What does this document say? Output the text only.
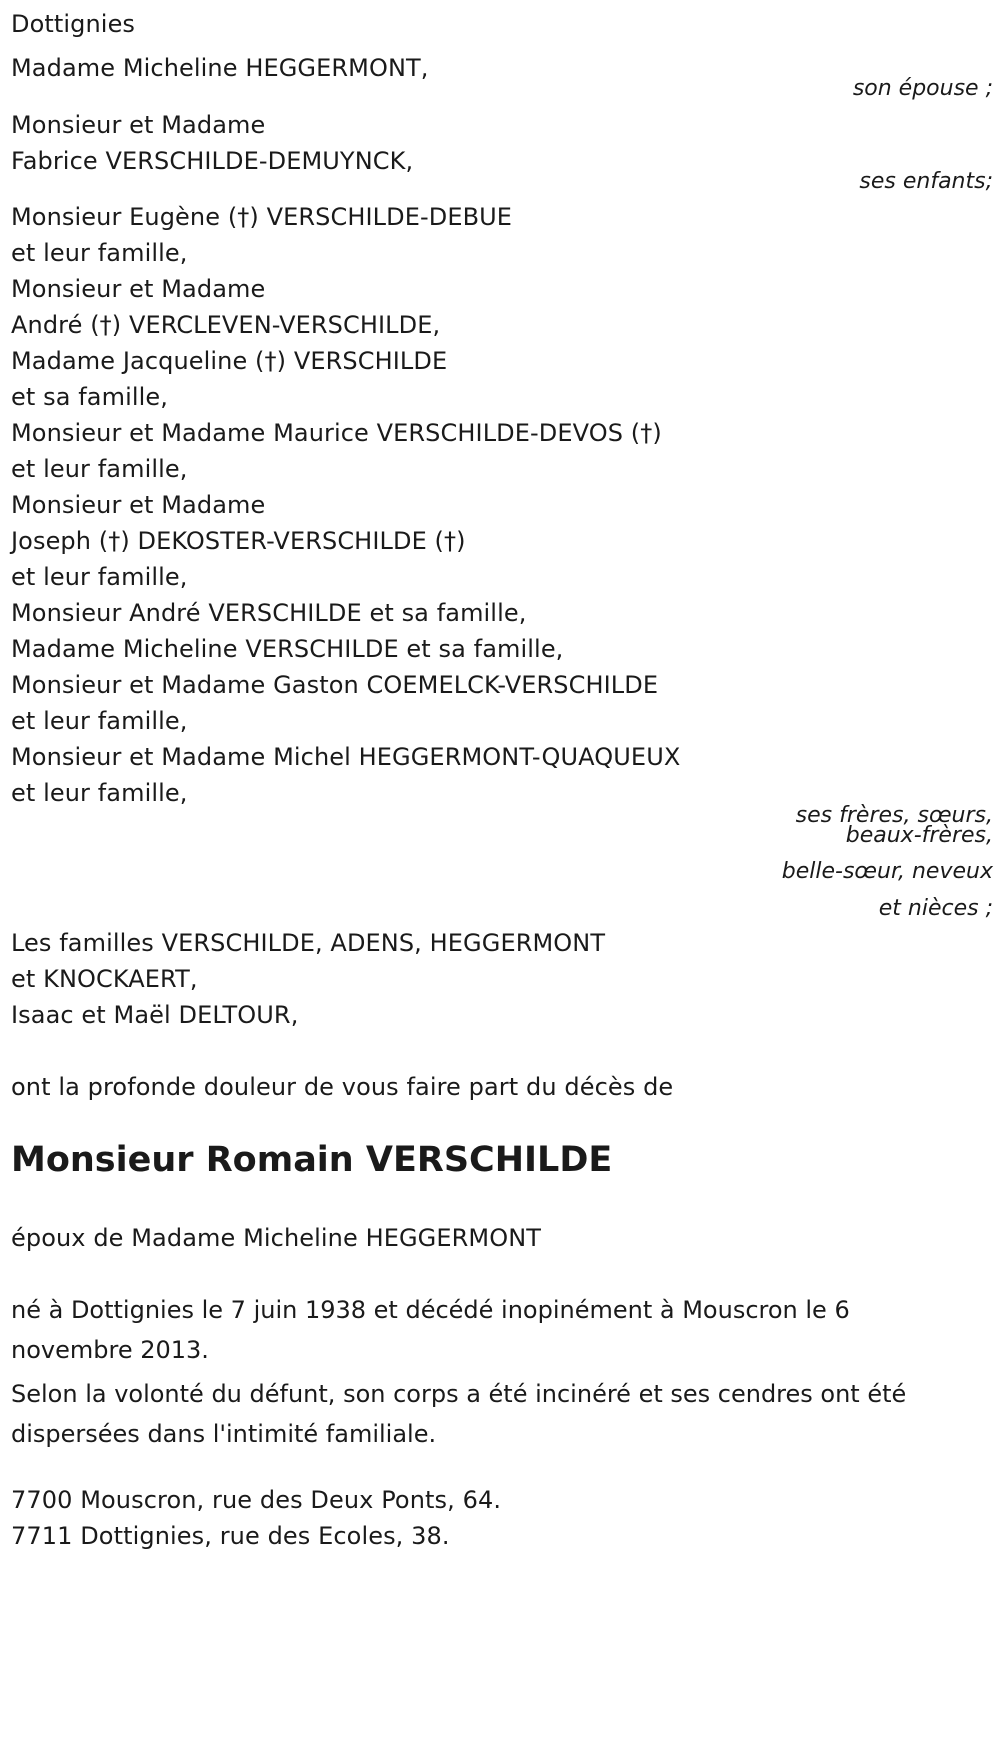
Dottignies
Madame Micheline HEGGERMONT,
son épouse ;
Monsieur et Madame
Fabrice VERSCHILDE-DEMUYNCK,
ses enfants;
Monsieur Eugène (†) VERSCHILDE-DEBUE
et leur famille,
Monsieur et Madame
André (†) VERCLEVEN-VERSCHILDE,
Madame Jacqueline (†) VERSCHILDE
et sa famille,
Monsieur et Madame Maurice VERSCHILDE-DEVOS (†)
et leur famille,
Monsieur et Madame
Joseph (†) DEKOSTER-VERSCHILDE (†)
et leur famille,
Monsieur André VERSCHILDE et sa famille,
Madame Micheline VERSCHILDE et sa famille,
Monsieur et Madame Gaston COEMELCK-VERSCHILDE
et leur famille,
Monsieur et Madame Michel HEGGERMONT-QUAQUEUX
et leur famille,
ses frères, sœurs,
beaux-frères,
belle-sœur, neveux
et nièces ;
Les familles VERSCHILDE, ADENS, HEGGERMONT
et KNOCKAERT,
Isaac et Maël DELTOUR,
ont la profonde douleur de vous faire part du décès de
Monsieur Romain VERSCHILDE
époux de Madame Micheline HEGGERMONT
né à Dottignies le 7 juin 1938 et décédé inopinément à Mouscron le 6 novembre 2013.
Selon la volonté du défunt, son corps a été incinéré et ses cendres ont été dispersées dans l'intimité familiale.
7700 Mouscron, rue des Deux Ponts, 64.
7711 Dottignies, rue des Ecoles, 38.
